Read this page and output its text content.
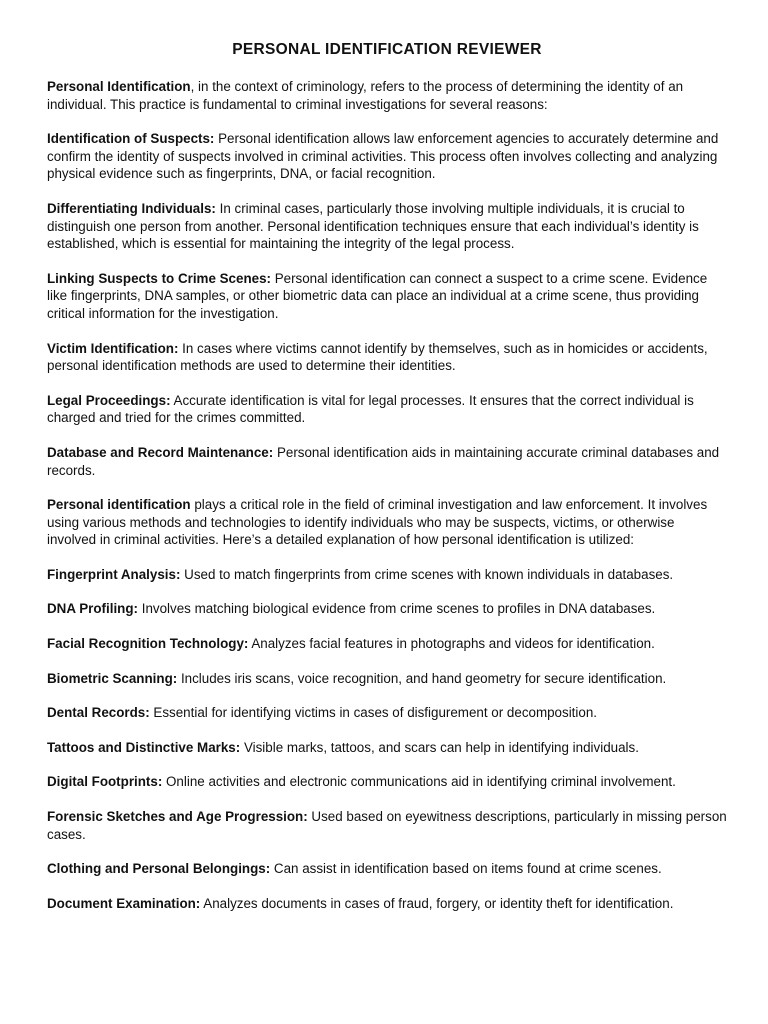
PERSONAL IDENTIFICATION REVIEWER

Personal Identification, in the context of criminology, refers to the process of determining the identity of an individual. This practice is fundamental to criminal investigations for several reasons:

Identification of Suspects: Personal identification allows law enforcement agencies to accurately determine and confirm the identity of suspects involved in criminal activities. This process often involves collecting and analyzing physical evidence such as fingerprints, DNA, or facial recognition.

Differentiating Individuals: In criminal cases, particularly those involving multiple individuals, it is crucial to distinguish one person from another. Personal identification techniques ensure that each individual’s identity is established, which is essential for maintaining the integrity of the legal process.

Linking Suspects to Crime Scenes: Personal identification can connect a suspect to a crime scene. Evidence like fingerprints, DNA samples, or other biometric data can place an individual at a crime scene, thus providing critical information for the investigation.

Victim Identification: In cases where victims cannot identify by themselves, such as in homicides or accidents, personal identification methods are used to determine their identities.

Legal Proceedings: Accurate identification is vital for legal processes. It ensures that the correct individual is charged and tried for the crimes committed.

Database and Record Maintenance: Personal identification aids in maintaining accurate criminal databases and records.

Personal identification plays a critical role in the field of criminal investigation and law enforcement. It involves using various methods and technologies to identify individuals who may be suspects, victims, or otherwise involved in criminal activities. Here’s a detailed explanation of how personal identification is utilized:

Fingerprint Analysis: Used to match fingerprints from crime scenes with known individuals in databases.

DNA Profiling: Involves matching biological evidence from crime scenes to profiles in DNA databases.

Facial Recognition Technology: Analyzes facial features in photographs and videos for identification.

Biometric Scanning: Includes iris scans, voice recognition, and hand geometry for secure identification.

Dental Records: Essential for identifying victims in cases of disfigurement or decomposition.

Tattoos and Distinctive Marks: Visible marks, tattoos, and scars can help in identifying individuals.

Digital Footprints: Online activities and electronic communications aid in identifying criminal involvement.

Forensic Sketches and Age Progression: Used based on eyewitness descriptions, particularly in missing person cases.

Clothing and Personal Belongings: Can assist in identification based on items found at crime scenes.

Document Examination: Analyzes documents in cases of fraud, forgery, or identity theft for identification.
